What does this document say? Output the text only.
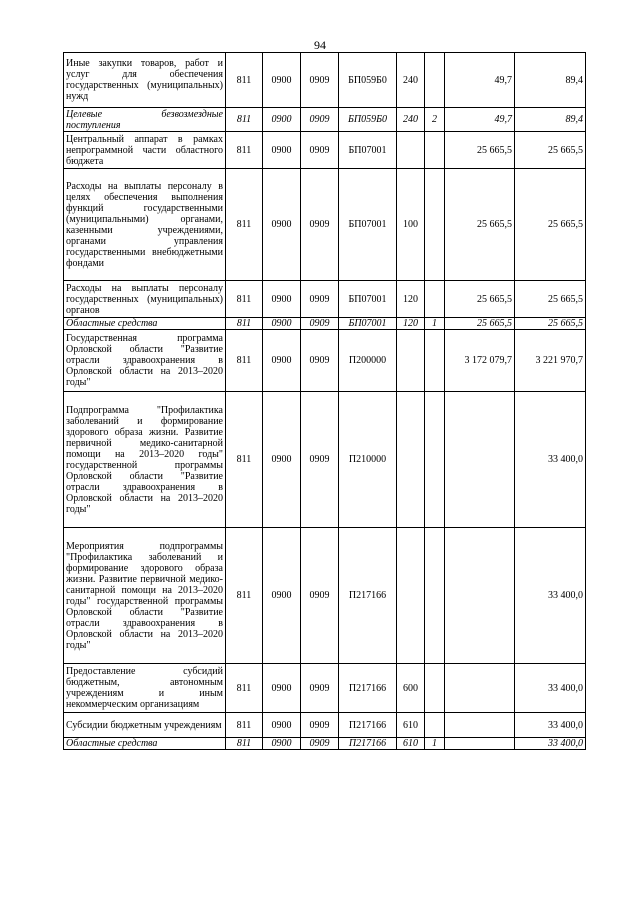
94
Иные закупки товаров, работ и услуг для обеспечения государственных (муниципальных) нужд	811	0900	0909	БП059Б0	240		49,7	89,4
Целевые безвозмездные поступления	811	0900	0909	БП059Б0	240	2	49,7	89,4
Центральный аппарат в рамках непрограммной части областного бюджета	811	0900	0909	БП07001			25 665,5	25 665,5
Расходы на выплаты персоналу в целях обеспечения выполнения функций государственными (муниципальными) органами, казенными учреждениями, органами управления государственными внебюджетными фондами	811	0900	0909	БП07001	100		25 665,5	25 665,5
Расходы на выплаты персоналу государственных (муниципальных) органов	811	0900	0909	БП07001	120		25 665,5	25 665,5
Областные средства	811	0900	0909	БП07001	120	1	25 665,5	25 665,5
Государственная программа Орловской области "Развитие отрасли здравоохранения в Орловской области на 2013–2020 годы"	811	0900	0909	П200000			3 172 079,7	3 221 970,7
Подпрограмма "Профилактика заболеваний и формирование здорового образа жизни. Развитие первичной медико-санитарной помощи на 2013–2020 годы" государственной программы Орловской области "Развитие отрасли здравоохранения в Орловской области на 2013–2020 годы"	811	0900	0909	П210000				33 400,0
Мероприятия подпрограммы "Профилактика заболеваний и формирование здорового образа жизни. Развитие первичной медико-санитарной помощи на 2013–2020 годы" государственной программы Орловской области "Развитие отрасли здравоохранения в Орловской области на 2013–2020 годы"	811	0900	0909	П217166				33 400,0
Предоставление субсидий бюджетным, автономным учреждениям и иным некоммерческим организациям	811	0900	0909	П217166	600			33 400,0
Субсидии бюджетным учреждениям	811	0900	0909	П217166	610			33 400,0
Областные средства	811	0900	0909	П217166	610	1		33 400,0
